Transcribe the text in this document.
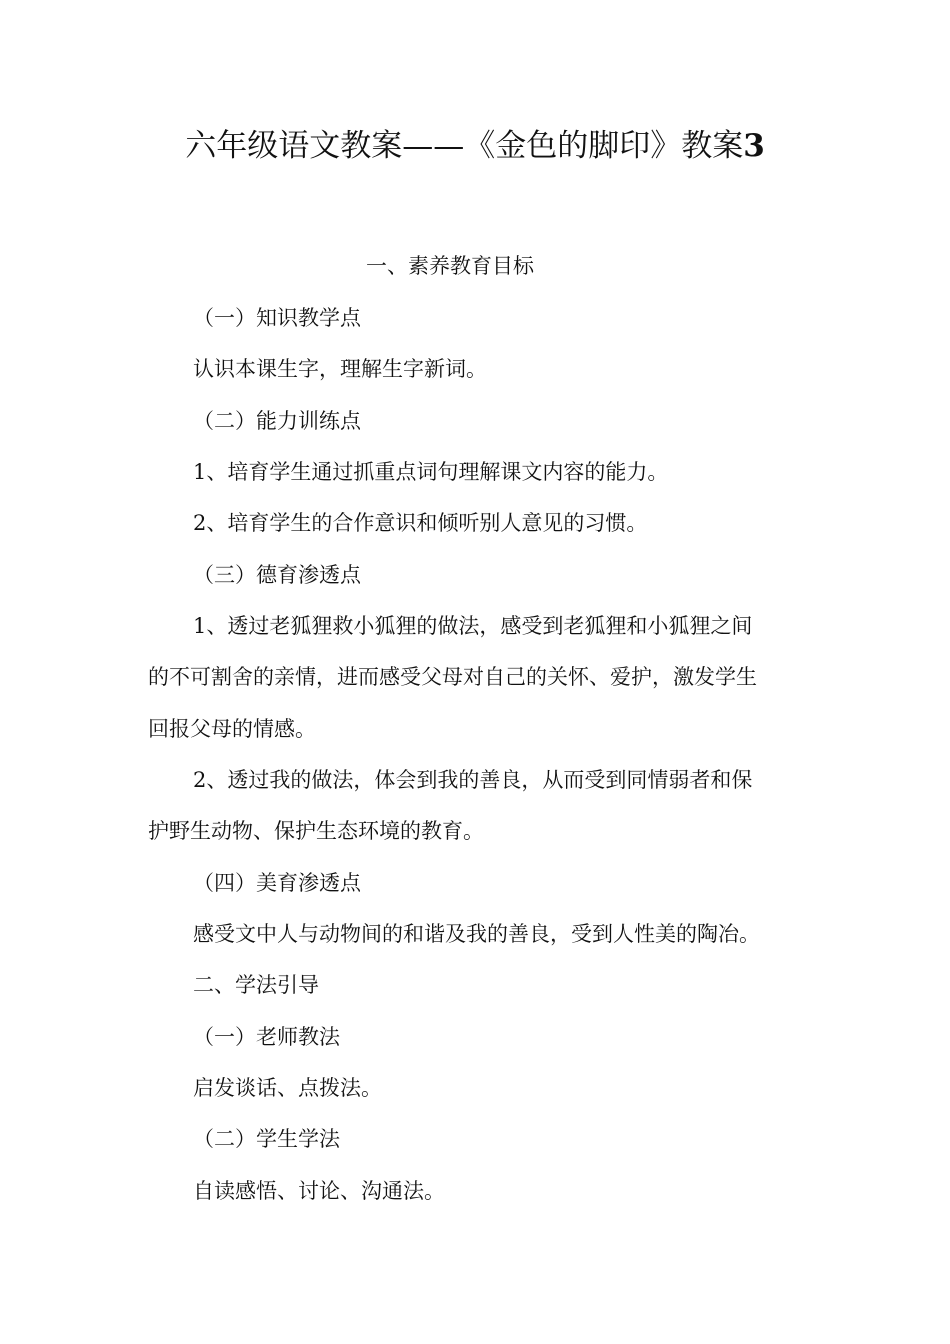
六年级语文教案——《金色的脚印》教案3
一、素养教育目标
（一）知识教学点
认识本课生字，理解生字新词。
（二）能力训练点
1、培育学生通过抓重点词句理解课文内容的能力。
2、培育学生的合作意识和倾听别人意见的习惯。
（三）德育渗透点
1、透过老狐狸救小狐狸的做法，感受到老狐狸和小狐狸之间
的不可割舍的亲情，进而感受父母对自己的关怀、爱护，激发学生
回报父母的情感。
2、透过我的做法，体会到我的善良，从而受到同情弱者和保
护野生动物、保护生态环境的教育。
（四）美育渗透点
感受文中人与动物间的和谐及我的善良，受到人性美的陶冶。
二、学法引导
（一）老师教法
启发谈话、点拨法。
（二）学生学法
自读感悟、讨论、沟通法。
